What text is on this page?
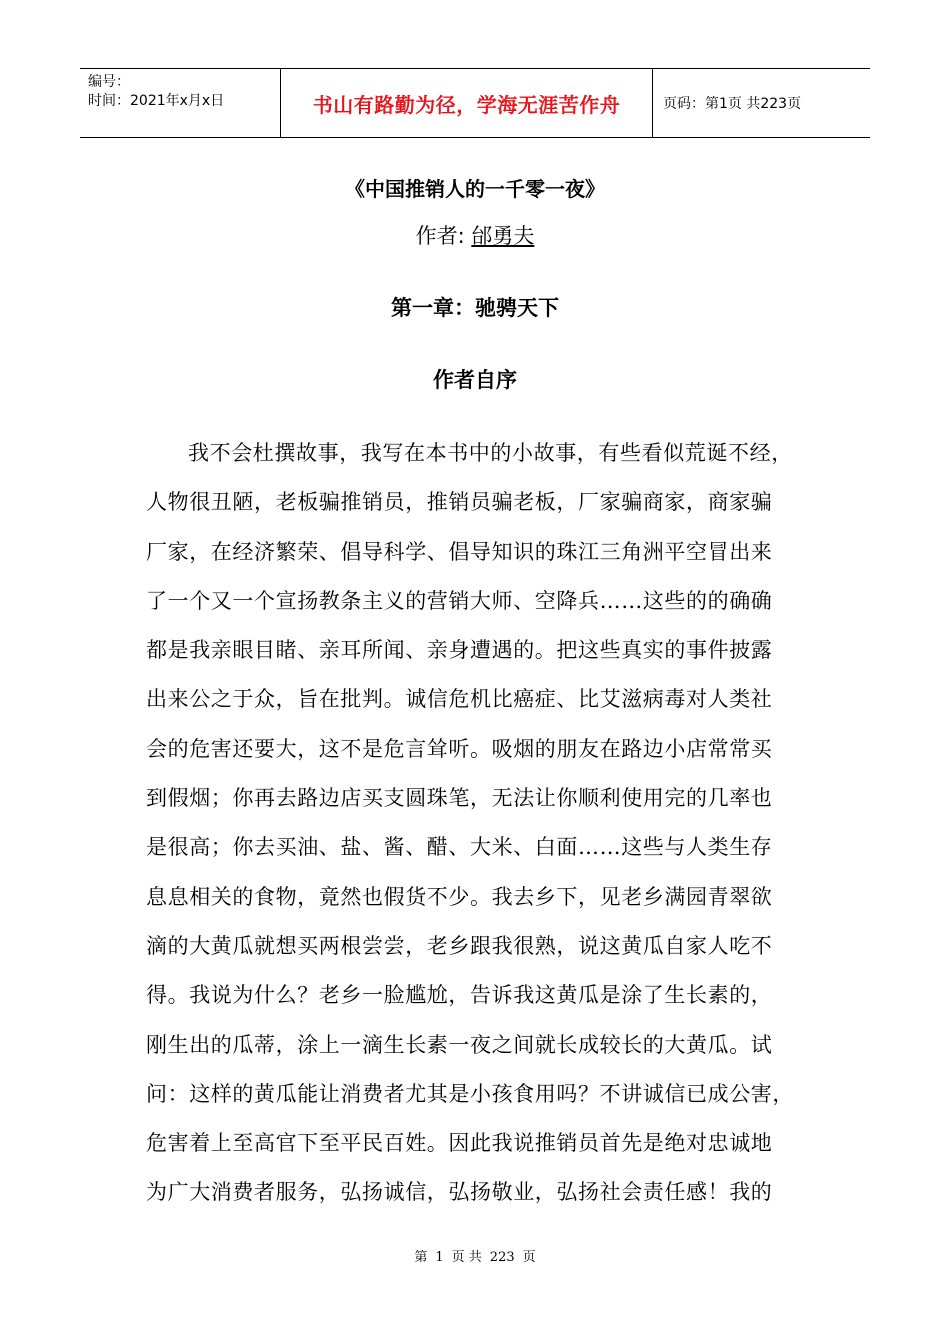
编号：
时间：2021年x月x日	书山有路勤为径，学海无涯苦作舟	页码：第1页 共223页
《中国推销人的一千零一夜》
作者: 邰勇夫
第一章：驰骋天下
作者自序
我不会杜撰故事，我写在本书中的小故事，有些看似荒诞不经，
人物很丑陋，老板骗推销员，推销员骗老板，厂家骗商家，商家骗
厂家，在经济繁荣、倡导科学、倡导知识的珠江三角洲平空冒出来
了一个又一个宣扬教条主义的营销大师、空降兵……这些的的确确
都是我亲眼目睹、亲耳所闻、亲身遭遇的。把这些真实的事件披露
出来公之于众，旨在批判。诚信危机比癌症、比艾滋病毒对人类社
会的危害还要大，这不是危言耸听。吸烟的朋友在路边小店常常买
到假烟；你再去路边店买支圆珠笔，无法让你顺利使用完的几率也
是很高；你去买油、盐、酱、醋、大米、白面……这些与人类生存
息息相关的食物，竟然也假货不少。我去乡下，见老乡满园青翠欲
滴的大黄瓜就想买两根尝尝，老乡跟我很熟，说这黄瓜自家人吃不
得。我说为什么？老乡一脸尴尬，告诉我这黄瓜是涂了生长素的，
刚生出的瓜蒂，涂上一滴生长素一夜之间就长成较长的大黄瓜。试
问：这样的黄瓜能让消费者尤其是小孩食用吗？不讲诚信已成公害，
危害着上至高官下至平民百姓。因此我说推销员首先是绝对忠诚地
为广大消费者服务，弘扬诚信，弘扬敬业，弘扬社会责任感！我的
第 1 页 共 223 页
